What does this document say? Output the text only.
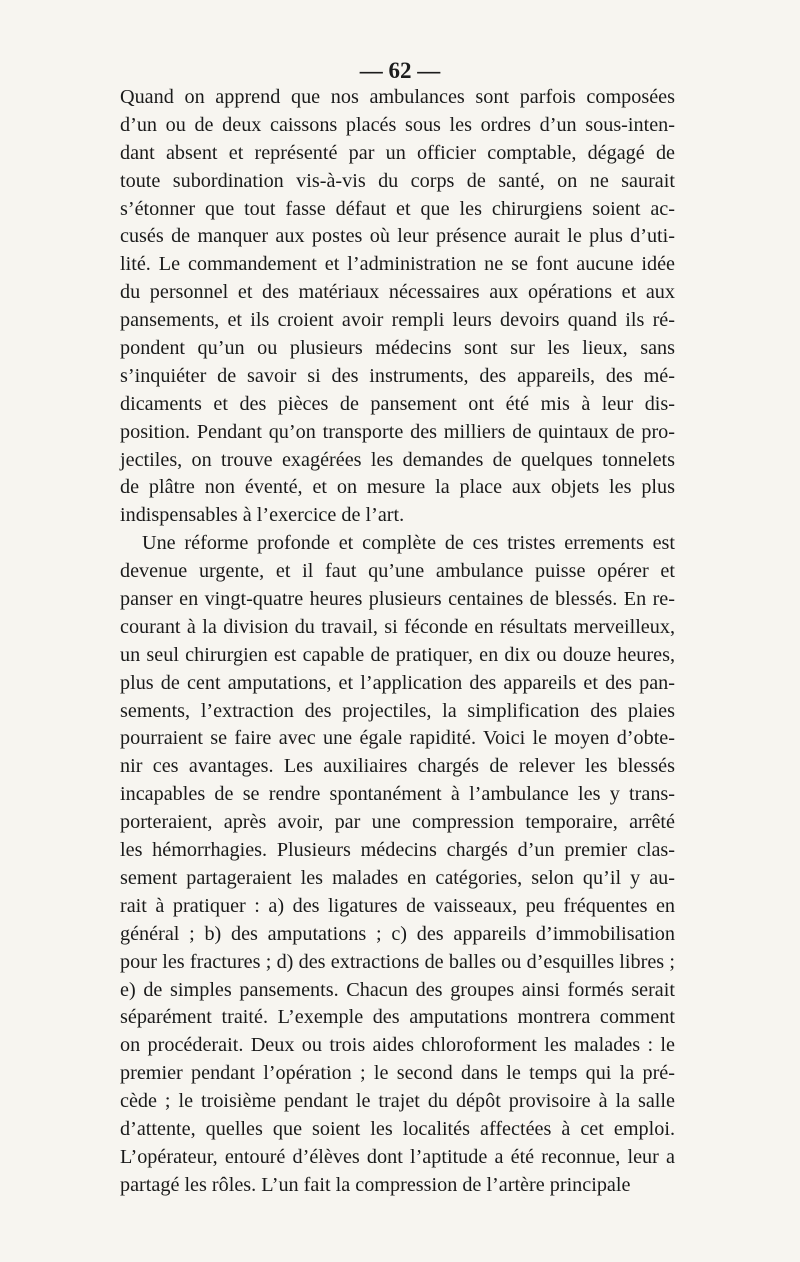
— 62 —
Quand on apprend que nos ambulances sont parfois composées
d’un ou de deux caissons placés sous les ordres d’un sous-inten-
dant absent et représenté par un officier comptable, dégagé de
toute subordination vis-à-vis du corps de santé, on ne saurait
s’étonner que tout fasse défaut et que les chirurgiens soient ac-
cusés de manquer aux postes où leur présence aurait le plus d’uti-
lité. Le commandement et l’administration ne se font aucune idée
du personnel et des matériaux nécessaires aux opérations et aux
pansements, et ils croient avoir rempli leurs devoirs quand ils ré-
pondent qu’un ou plusieurs médecins sont sur les lieux, sans
s’inquiéter de savoir si des instruments, des appareils, des mé-
dicaments et des pièces de pansement ont été mis à leur dis-
position. Pendant qu’on transporte des milliers de quintaux de pro-
jectiles, on trouve exagérées les demandes de quelques tonnelets
de plâtre non éventé, et on mesure la place aux objets les plus
indispensables à l’exercice de l’art.
Une réforme profonde et complète de ces tristes errements est
devenue urgente, et il faut qu’une ambulance puisse opérer et
panser en vingt-quatre heures plusieurs centaines de blessés. En re-
courant à la division du travail, si féconde en résultats merveilleux,
un seul chirurgien est capable de pratiquer, en dix ou douze heures,
plus de cent amputations, et l’application des appareils et des pan-
sements, l’extraction des projectiles, la simplification des plaies
pourraient se faire avec une égale rapidité. Voici le moyen d’obte-
nir ces avantages. Les auxiliaires chargés de relever les blessés
incapables de se rendre spontanément à l’ambulance les y trans-
porteraient, après avoir, par une compression temporaire, arrêté
les hémorrhagies. Plusieurs médecins chargés d’un premier clas-
sement partageraient les malades en catégories, selon qu’il y au-
rait à pratiquer : a) des ligatures de vaisseaux, peu fréquentes en
général ; b) des amputations ; c) des appareils d’immobilisation
pour les fractures ; d) des extractions de balles ou d’esquilles libres ;
e) de simples pansements. Chacun des groupes ainsi formés serait
séparément traité. L’exemple des amputations montrera comment
on procéderait. Deux ou trois aides chloroforment les malades : le
premier pendant l’opération ; le second dans le temps qui la pré-
cède ; le troisième pendant le trajet du dépôt provisoire à la salle
d’attente, quelles que soient les localités affectées à cet emploi.
L’opérateur, entouré d’élèves dont l’aptitude a été reconnue, leur a
partagé les rôles. L’un fait la compression de l’artère principale
